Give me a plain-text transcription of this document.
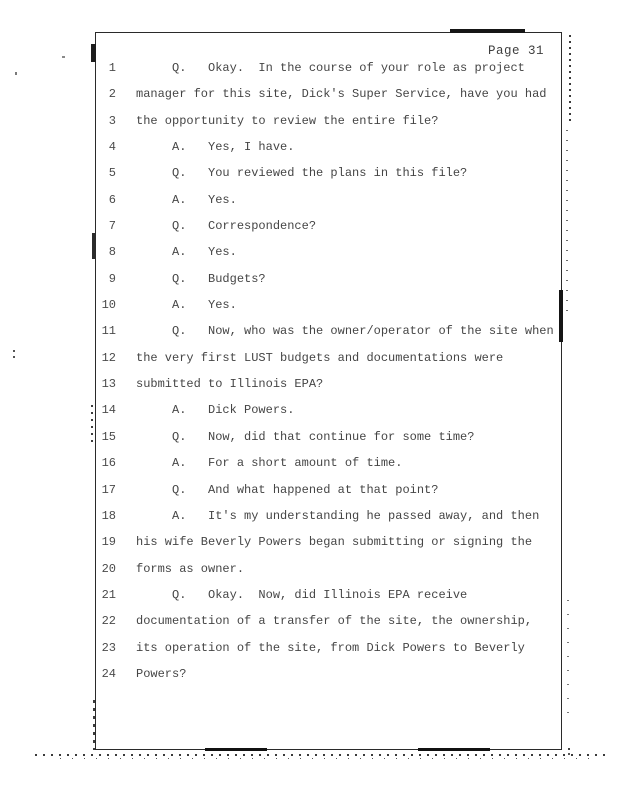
Page 31
1	Q.   Okay.  In the course of your role as project
2	manager for this site, Dick's Super Service, have you had
3	the opportunity to review the entire file?
4	A.   Yes, I have.
5	Q.   You reviewed the plans in this file?
6	A.   Yes.
7	Q.   Correspondence?
8	A.   Yes.
9	Q.   Budgets?
10	A.   Yes.
11	Q.   Now, who was the owner/operator of the site when
12	the very first LUST budgets and documentations were
13	submitted to Illinois EPA?
14	A.   Dick Powers.
15	Q.   Now, did that continue for some time?
16	A.   For a short amount of time.
17	Q.   And what happened at that point?
18	A.   It's my understanding he passed away, and then
19	his wife Beverly Powers began submitting or signing the
20	forms as owner.
21	Q.   Okay.  Now, did Illinois EPA receive
22	documentation of a transfer of the site, the ownership,
23	its operation of the site, from Dick Powers to Beverly
24	Powers?
